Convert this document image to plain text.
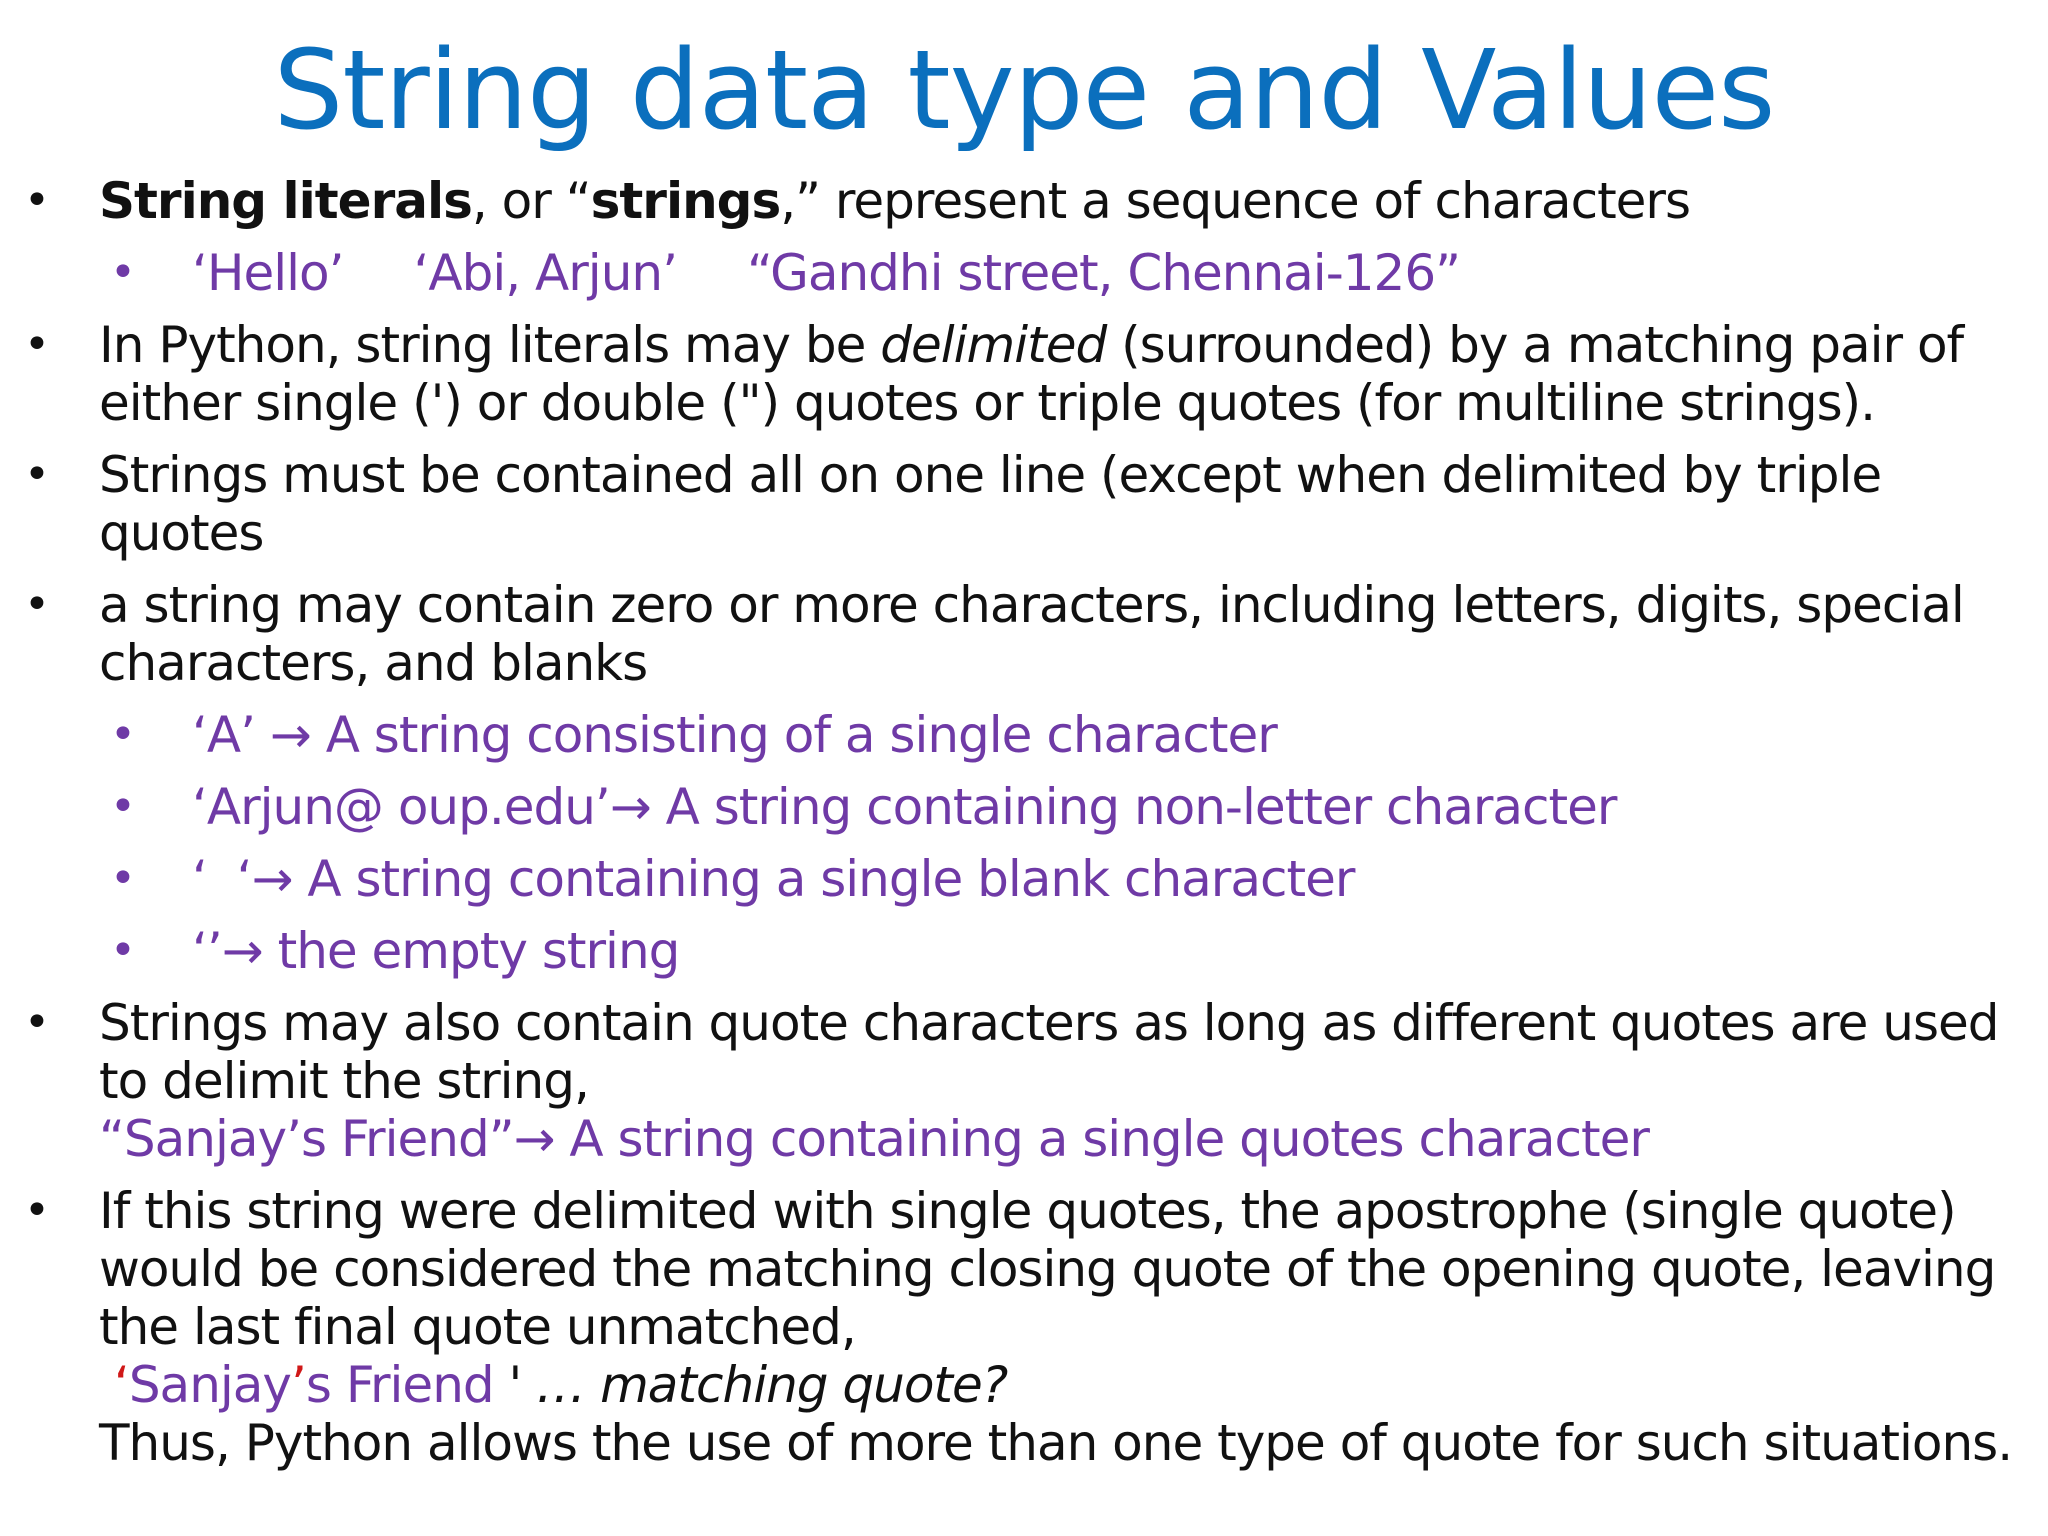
String data type and Values
• String literals, or “strings,” represent a sequence of characters
• ‘Hello’ ‘Abi, Arjun’ “Gandhi street, Chennai-126”
• In Python, string literals may be delimited (surrounded) by a matching pair of either single (') or double (") quotes or triple quotes (for multiline strings).
• Strings must be contained all on one line (except when delimited by triple quotes
• a string may contain zero or more characters, including letters, digits, special characters, and blanks
• ‘A’ → A string consisting of a single character
• ‘Arjun@ oup.edu’→ A string containing non-letter character
• ‘  ‘→ A string containing a single blank character
• ‘’→ the empty string
• Strings may also contain quote characters as long as different quotes are used to delimit the string,
“Sanjay’s Friend”→ A string containing a single quotes character
• If this string were delimited with single quotes, the apostrophe (single quote) would be considered the matching closing quote of the opening quote, leaving the last final quote unmatched,
‘Sanjay’s Friend ' … matching quote?
Thus, Python allows the use of more than one type of quote for such situations.
